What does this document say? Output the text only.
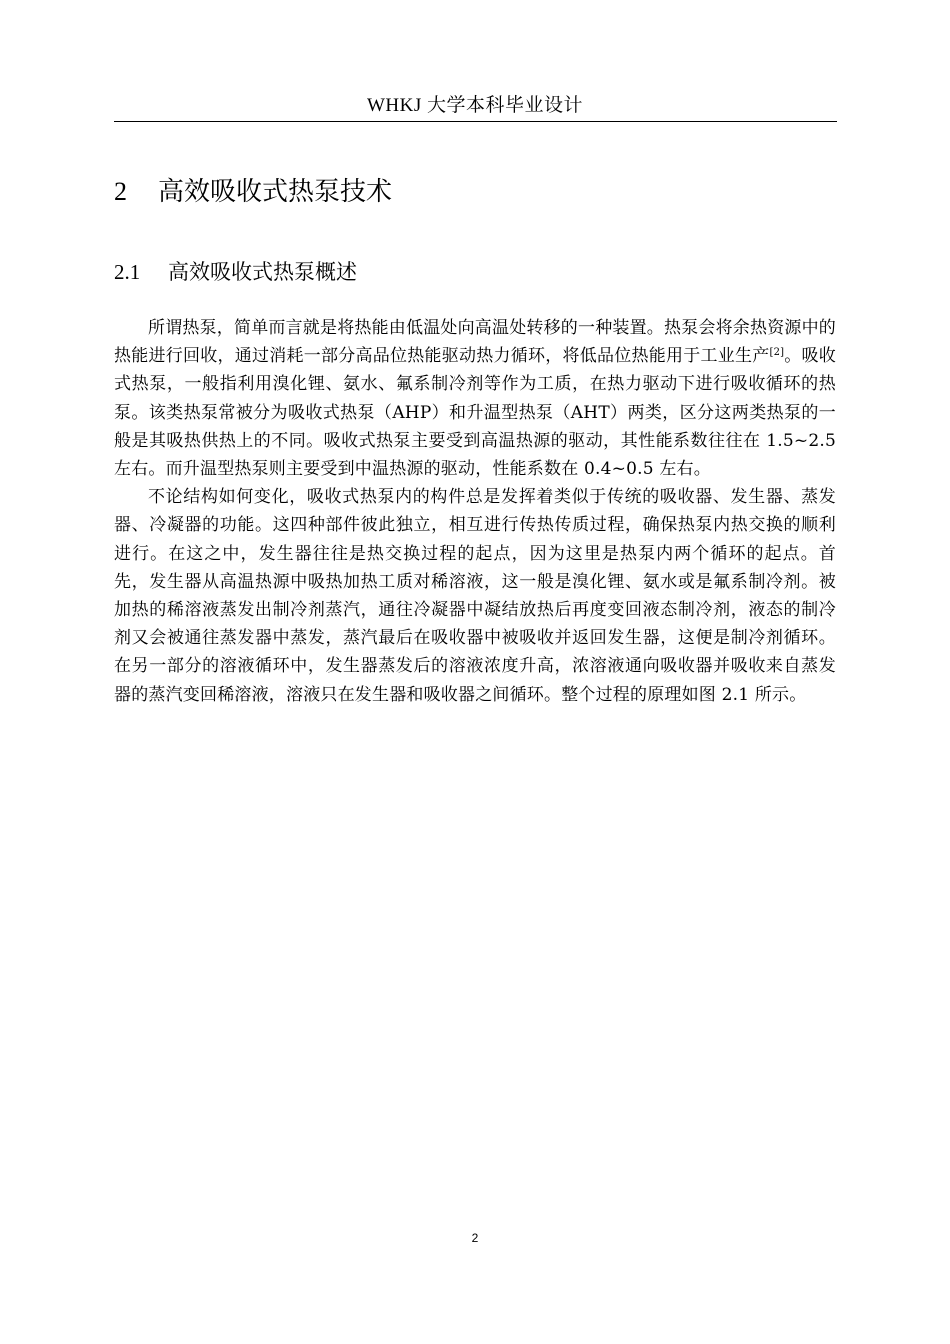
WHKJ 大学本科毕业设计
2 高效吸收式热泵技术
2.1 高效吸收式热泵概述

所谓热泵，简单而言就是将热能由低温处向高温处转移的一种装置。热泵会将余热资源中的热能进行回收，通过消耗一部分高品位热能驱动热力循环，将低品位热能用于工业生产[2]。吸收式热泵，一般指利用溴化锂、氨水、氟系制冷剂等作为工质，在热力驱动下进行吸收循环的热泵。该类热泵常被分为吸收式热泵（AHP）和升温型热泵（AHT）两类，区分这两类热泵的一般是其吸热供热上的不同。吸收式热泵主要受到高温热源的驱动，其性能系数往往在 1.5~2.5 左右。而升温型热泵则主要受到中温热源的驱动，性能系数在 0.4~0.5 左右。

不论结构如何变化，吸收式热泵内的构件总是发挥着类似于传统的吸收器、发生器、蒸发器、冷凝器的功能。这四种部件彼此独立，相互进行传热传质过程，确保热泵内热交换的顺利进行。在这之中，发生器往往是热交换过程的起点，因为这里是热泵内两个循环的起点。首先，发生器从高温热源中吸热加热工质对稀溶液，这一般是溴化锂、氨水或是氟系制冷剂。被加热的稀溶液蒸发出制冷剂蒸汽，通往冷凝器中凝结放热后再度变回液态制冷剂，液态的制冷剂又会被通往蒸发器中蒸发，蒸汽最后在吸收器中被吸收并返回发生器，这便是制冷剂循环。在另一部分的溶液循环中，发生器蒸发后的溶液浓度升高，浓溶液通向吸收器并吸收来自蒸发器的蒸汽变回稀溶液，溶液只在发生器和吸收器之间循环。整个过程的原理如图 2.1 所示。

2
